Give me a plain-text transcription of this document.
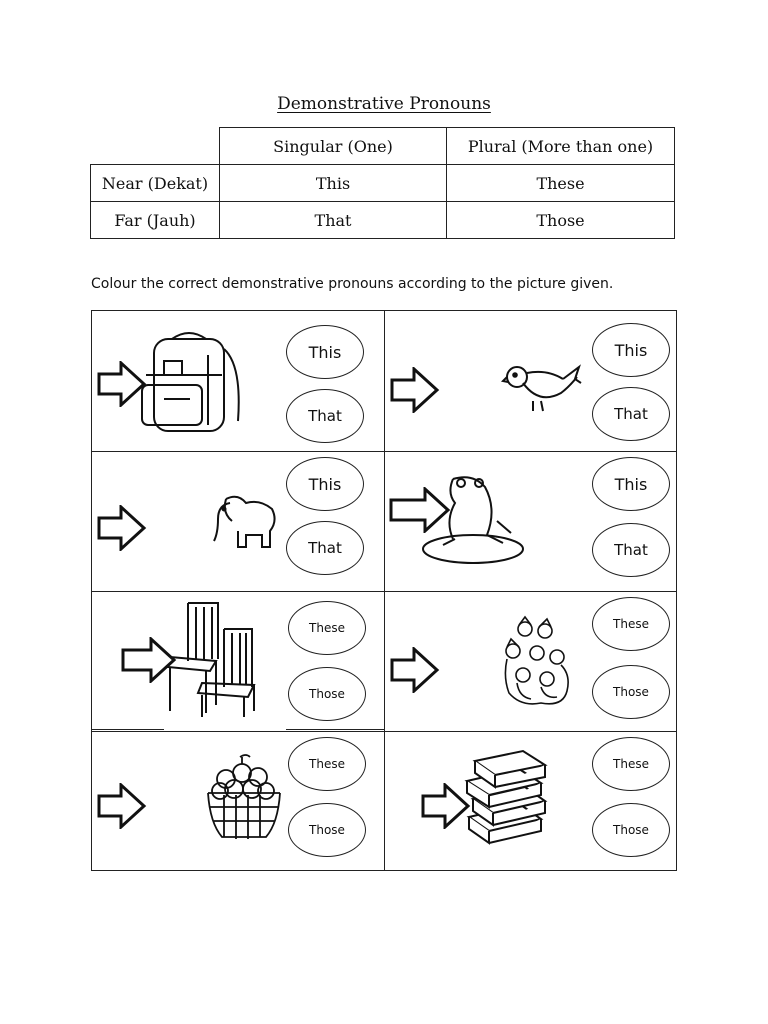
Demonstrative Pronouns
	Singular (One)	Plural (More than one)
Near (Dekat)	This	These
Far (Jauh)	That	Those
Colour the correct demonstrative pronouns according to the picture given.
This
That
This
That
This
That
This
That
These
Those
These
Those
These
Those
These
Those
